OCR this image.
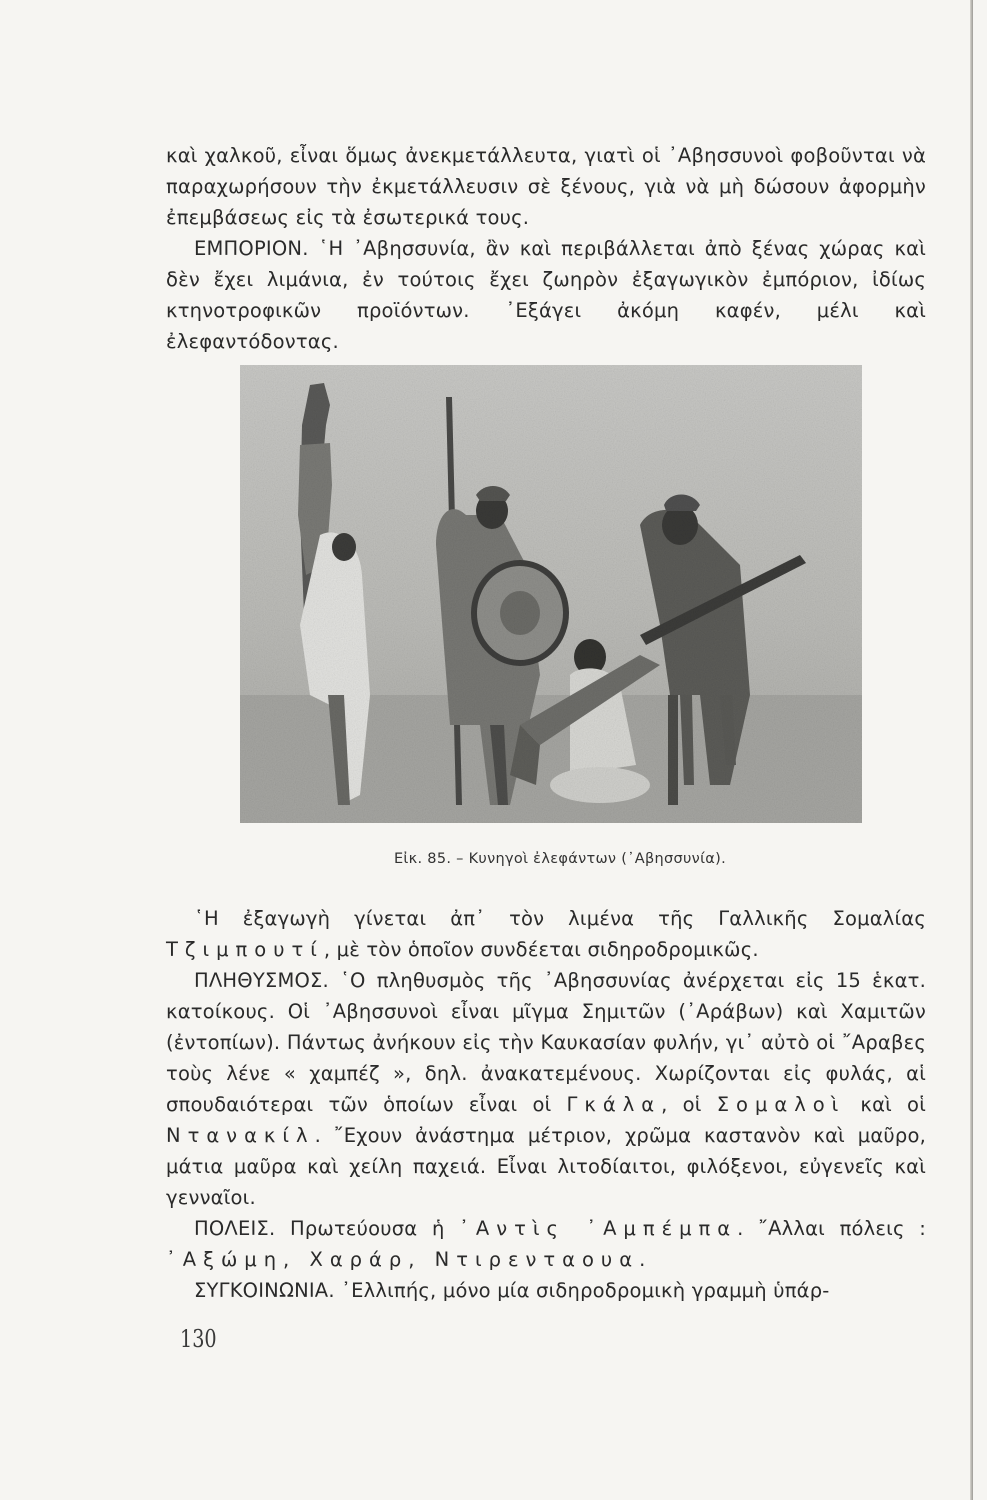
καὶ χαλκοῦ, εἶναι ὅμως ἀνεκμετάλλευτα, γιατὶ οἱ ᾿Αβησσυνοὶ φοβοῦνται νὰ παραχωρήσουν τὴν ἐκμετάλλευσιν σὲ ξένους, γιὰ νὰ μὴ δώσουν ἀφορμὴν ἐπεμβάσεως εἰς τὰ ἐσωτερικά τους.

ΕΜΠΟΡΙΟΝ. ῾Η ᾿Αβησσυνία, ἂν καὶ περιβάλλεται ἀπὸ ξένας χώρας καὶ δὲν ἔχει λιμάνια, ἐν τούτοις ἔχει ζωηρὸν ἐξαγωγικὸν ἐμπόριον, ἰδίως κτηνοτροφικῶν προϊόντων. ᾿Εξάγει ἀκόμη καφέν, μέλι καὶ ἐλεφαντόδοντας.

Εἰκ. 85. – Κυνηγοὶ ἐλεφάντων (᾿Αβησσυνία).

῾Η ἐξαγωγὴ γίνεται ἀπ᾿ τὸν λιμένα τῆς Γαλλικῆς Σομαλίας Τζιμπουτί, μὲ τὸν ὁποῖον συνδέεται σιδηροδρομικῶς.

ΠΛΗΘΥΣΜΟΣ. ῾Ο πληθυσμὸς τῆς ᾿Αβησσυνίας ἀνέρχεται εἰς 15 ἑκατ. κατοίκους. Οἱ ᾿Αβησσυνοὶ εἶναι μῖγμα Σημιτῶν (᾿Αράβων) καὶ Χαμιτῶν (ἐντοπίων). Πάντως ἀνήκουν εἰς τὴν Καυκασίαν φυλήν, γι᾿ αὐτὸ οἱ ῎Αραβες τοὺς λένε « χαμπέζ », δηλ. ἀνακατεμένους. Χωρίζονται εἰς φυλάς, αἱ σπουδαιότεραι τῶν ὁποίων εἶναι οἱ Γκάλα, οἱ Σομαλοὶ καὶ οἱ Ντανακίλ. ῎Εχουν ἀνάστημα μέτριον, χρῶμα καστανὸν καὶ μαῦρο, μάτια μαῦρα καὶ χείλη παχειά. Εἶναι λιτοδίαιτοι, φιλόξενοι, εὐγενεῖς καὶ γενναῖοι.

ΠΟΛΕΙΣ. Πρωτεύουσα ἡ ᾿Αντὶς ᾿Αμπέμπα. ῎Αλλαι πόλεις : ᾿Αξώμη, Χαράρ, Ντιρενταουα.

ΣΥΓΚΟΙΝΩΝΙΑ. ᾿Ελλιπής, μόνο μία σιδηροδρομικὴ γραμμὴ ὑπάρ-

130
